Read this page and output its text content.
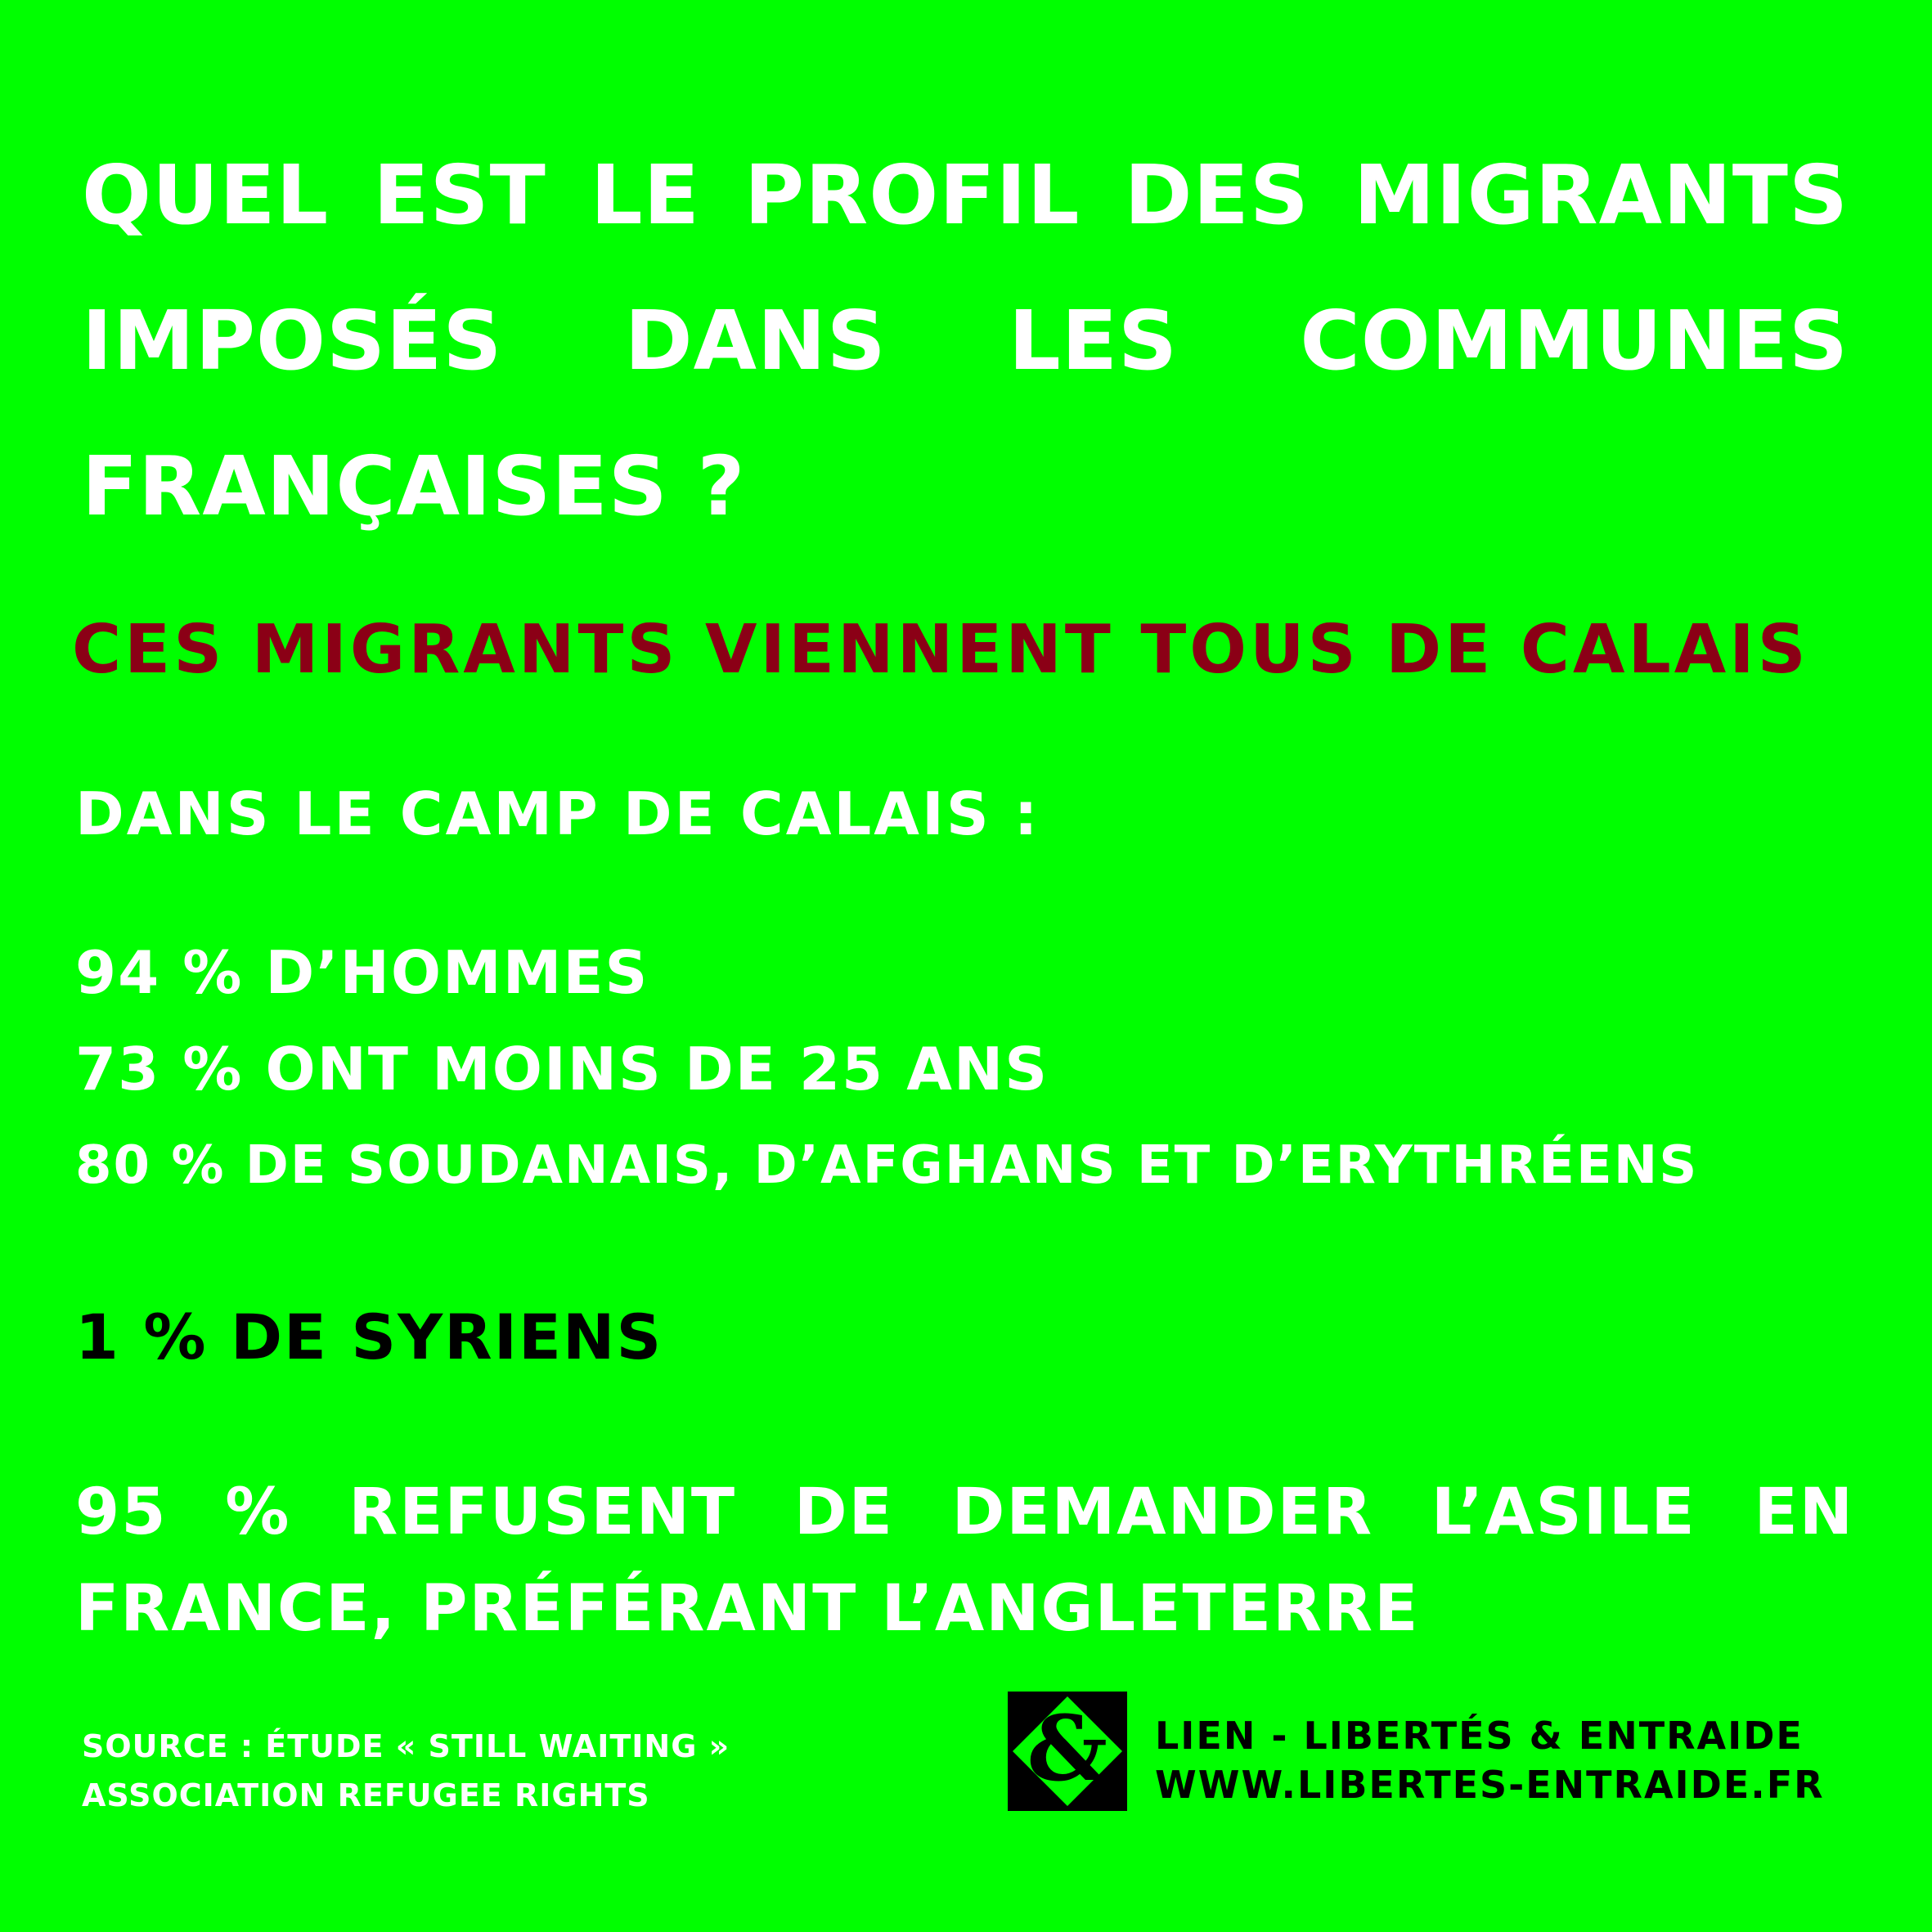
QUEL EST LE PROFIL DES MIGRANTS IMPOSÉS DANS LES COMMUNES FRANÇAISES ?
CES MIGRANTS VIENNENT TOUS DE CALAIS
DANS LE CAMP DE CALAIS :
94 % D’HOMMES
73 % ONT MOINS DE 25 ANS
80 % DE SOUDANAIS, D’AFGHANS ET D’ERYTHRÉENS
1 % DE SYRIENS
95 % REFUSENT DE DEMANDER L’ASILE EN FRANCE, PRÉFÉRANT L’ANGLETERRE
SOURCE : ÉTUDE « STILL WAITING »
ASSOCIATION REFUGEE RIGHTS	& LIEN - LIBERTÉS & ENTRAIDE
WWW.LIBERTES-ENTRAIDE.FR
